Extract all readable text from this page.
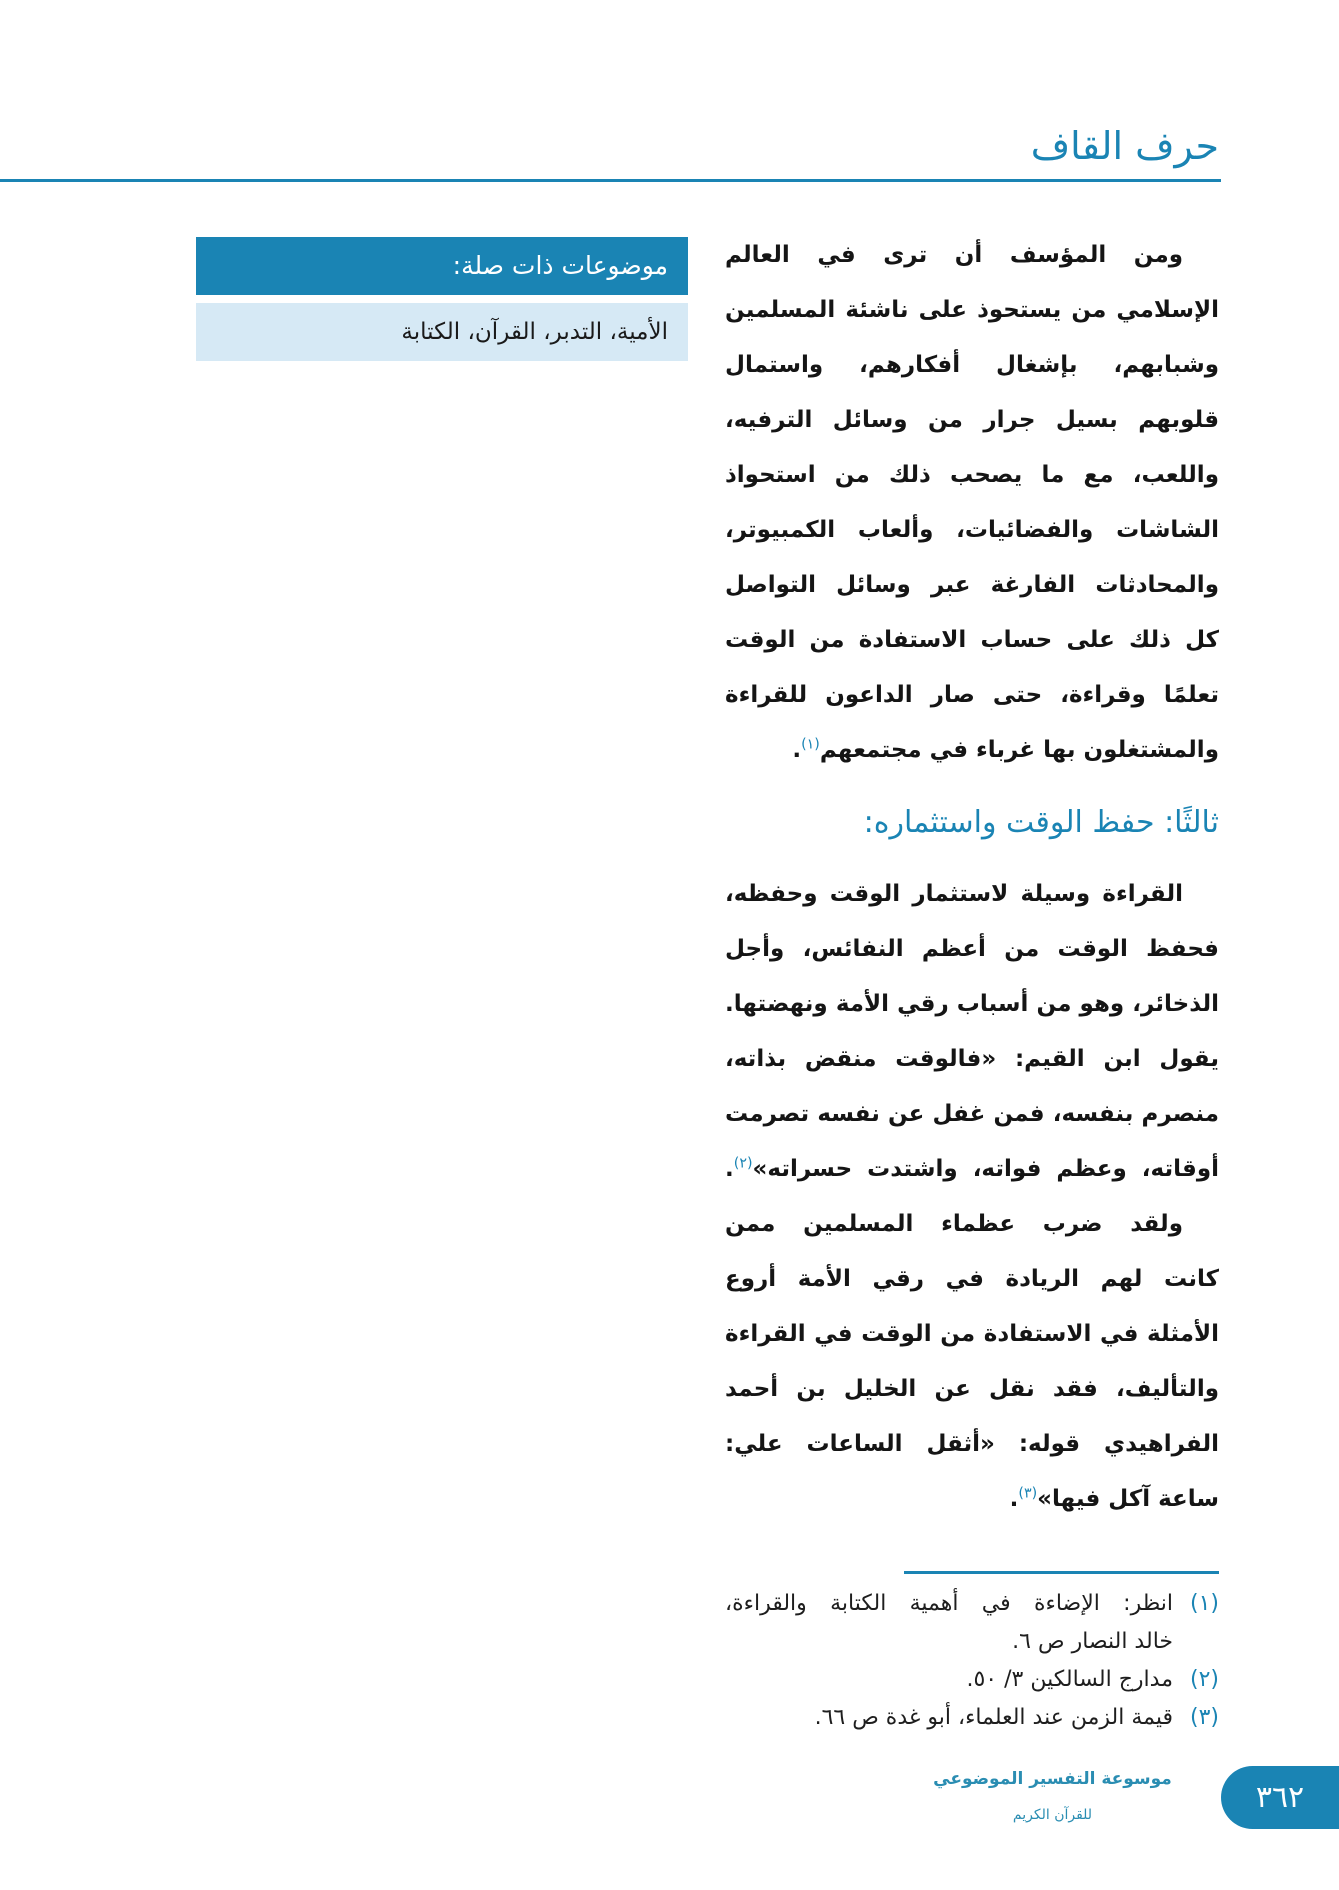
حرف القاف
موضوعات ذات صلة:
الأمية، التدبر، القرآن، الكتابة
ومن المؤسف أن ترى في العالم
الإسلامي من يستحوذ على ناشئة المسلمين
وشبابهم، بإشغال أفكارهم، واستمال
قلوبهم بسيل جرار من وسائل الترفيه،
واللعب، مع ما يصحب ذلك من استحواذ
الشاشات والفضائيات، وألعاب الكمبيوتر،
والمحادثات الفارغة عبر وسائل التواصل
كل ذلك على حساب الاستفادة من الوقت
تعلمًا وقراءة، حتى صار الداعون للقراءة
والمشتغلون بها غرباء في مجتمعهم$^{(١)}$.
ثالثًا: حفظ الوقت واستثماره:
القراءة وسيلة لاستثمار الوقت وحفظه،
فحفظ الوقت من أعظم النفائس، وأجل
الذخائر، وهو من أسباب رقي الأمة ونهضتها.
يقول ابن القيم: «فالوقت منقض بذاته،
منصرم بنفسه، فمن غفل عن نفسه تصرمت
أوقاته، وعظم فواته، واشتدت حسراته»$^{(٢)}$.
ولقد ضرب عظماء المسلمين ممن
كانت لهم الريادة في رقي الأمة أروع
الأمثلة في الاستفادة من الوقت في القراءة
والتأليف، فقد نقل عن الخليل بن أحمد
الفراهيدي قوله: «أثقل الساعات علي:
ساعة آكل فيها»$^{(٣)}$.
(١)
انظر: الإضاءة في أهمية الكتابة والقراءة،
خالد النصار ص ٦.
(٢)
مدارج السالكين ٣/ ٥٠.
(٣)
قيمة الزمن عند العلماء، أبو غدة ص ٦٦.
موسوعة التفسير الموضوعي
للقرآن الكريم	٣٦٢
